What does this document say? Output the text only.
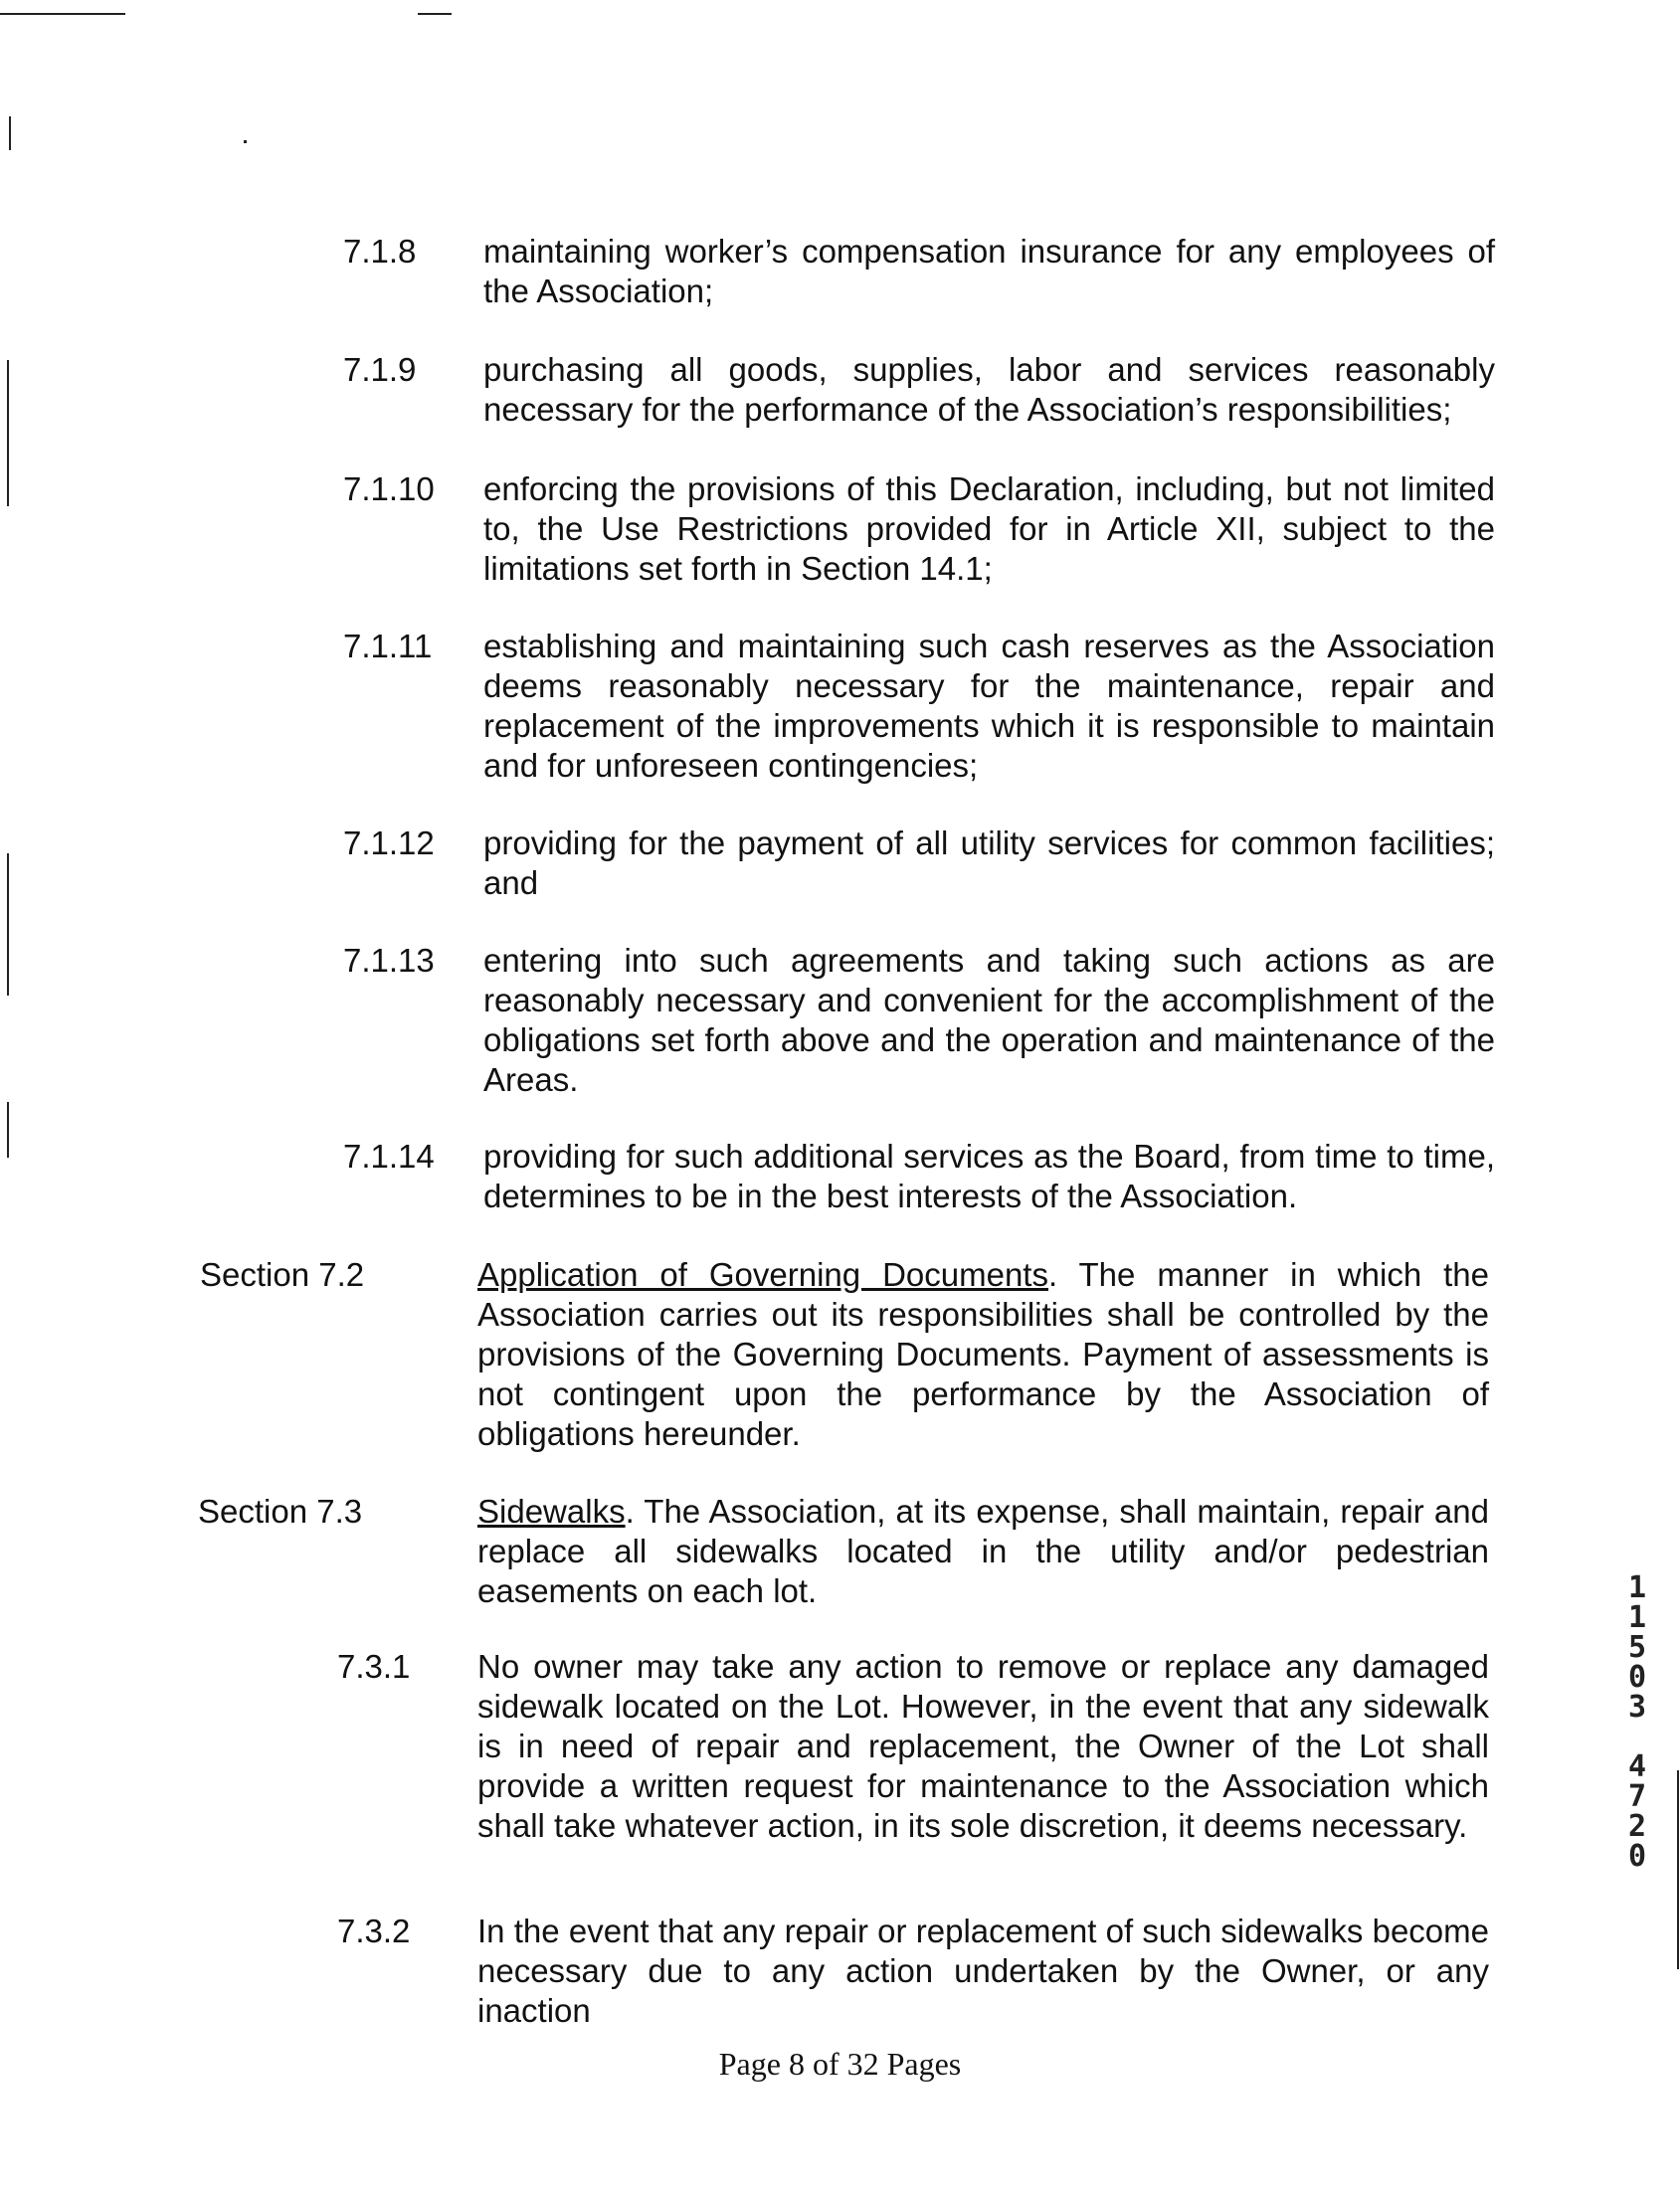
7.1.8	maintaining worker’s compensation insurance for any employees of the Association;
7.1.9	purchasing all goods, supplies, labor and services reasonably necessary for the performance of the Association’s responsibilities;
7.1.10	enforcing the provisions of this Declaration, including, but not limited to, the Use Restrictions provided for in Article XII, subject to the limitations set forth in Section 14.1;
7.1.11	establishing and maintaining such cash reserves as the Association deems reasonably necessary for the maintenance, repair and replacement of the improvements which it is responsible to maintain and for unforeseen contingencies;
7.1.12	providing for the payment of all utility services for common facilities; and
7.1.13	entering into such agreements and taking such actions as are reasonably necessary and convenient for the accomplishment of the obligations set forth above and the operation and maintenance of the Areas.
7.1.14	providing for such additional services as the Board, from time to time, determines to be in the best interests of the Association.
Section 7.2	Application of Governing Documents. The manner in which the Association carries out its responsibilities shall be controlled by the provisions of the Governing Documents. Payment of assessments is not contingent upon the performance by the Association of obligations hereunder.
Section 7.3	Sidewalks. The Association, at its expense, shall maintain, repair and replace all sidewalks located in the utility and/or pedestrian easements on each lot.
7.3.1	No owner may take any action to remove or replace any damaged sidewalk located on the Lot. However, in the event that any sidewalk is in need of repair and replacement, the Owner of the Lot shall provide a written request for maintenance to the Association which shall take whatever action, in its sole discretion, it deems necessary.
7.3.2	In the event that any repair or replacement of such sidewalks become necessary due to any action undertaken by the Owner, or any inaction
Page 8 of 32 Pages
1
1
5
0
3
4
7
2
0
